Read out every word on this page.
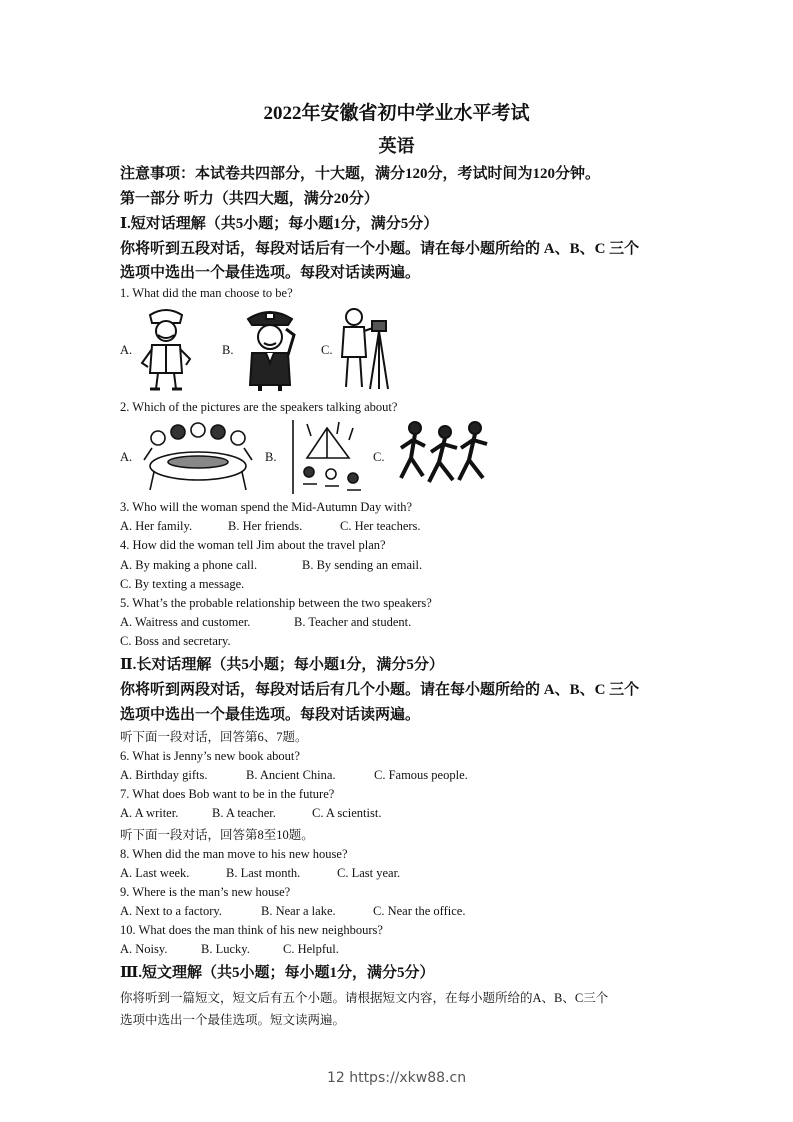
2022年安徽省初中学业水平考试
英语
注意事项：本试卷共四部分，十大题，满分120分，考试时间为120分钟。
第一部分 听力（共四大题，满分20分）
Ⅰ.短对话理解（共5小题；每小题1分，满分5分）
你将听到五段对话，每段对话后有一个小题。请在每小题所给的 A、B、C 三个
选项中选出一个最佳选项。每段对话读两遍。
1. What did the man choose to be?
A.	B.	C.
2. Which of the pictures are the speakers talking about?
A.	B.	C.
3. Who will the woman spend the Mid-Autumn Day with?
A. Her family.	B. Her friends.	C. Her teachers.
4. How did the woman tell Jim about the travel plan?
A. By making a phone call.	B. By sending an email.
C. By texting a message.
5. What’s the probable relationship between the two speakers?
A. Waitress and customer.	B. Teacher and student.
C. Boss and secretary.
Ⅱ.长对话理解（共5小题；每小题1分，满分5分）
你将听到两段对话，每段对话后有几个小题。请在每小题所给的 A、B、C 三个
选项中选出一个最佳选项。每段对话读两遍。
听下面一段对话，回答第6、7题。
6. What is Jenny’s new book about?
A. Birthday gifts.	B. Ancient China.	C. Famous people.
7. What does Bob want to be in the future?
A. A writer.	B. A teacher.	C. A scientist.
听下面一段对话，回答第8至10题。
8. When did the man move to his new house?
A. Last week.	B. Last month.	C. Last year.
9. Where is the man’s new house?
A. Next to a factory.	B. Near a lake.	C. Near the office.
10. What does the man think of his new neighbours?
A. Noisy.	B. Lucky.	C. Helpful.
Ⅲ.短文理解（共5小题；每小题1分，满分5分）
你将听到一篇短文，短文后有五个小题。请根据短文内容，在每小题所给的A、B、C三个
选项中选出一个最佳选项。短文读两遍。
12 https://xkw88.cn
